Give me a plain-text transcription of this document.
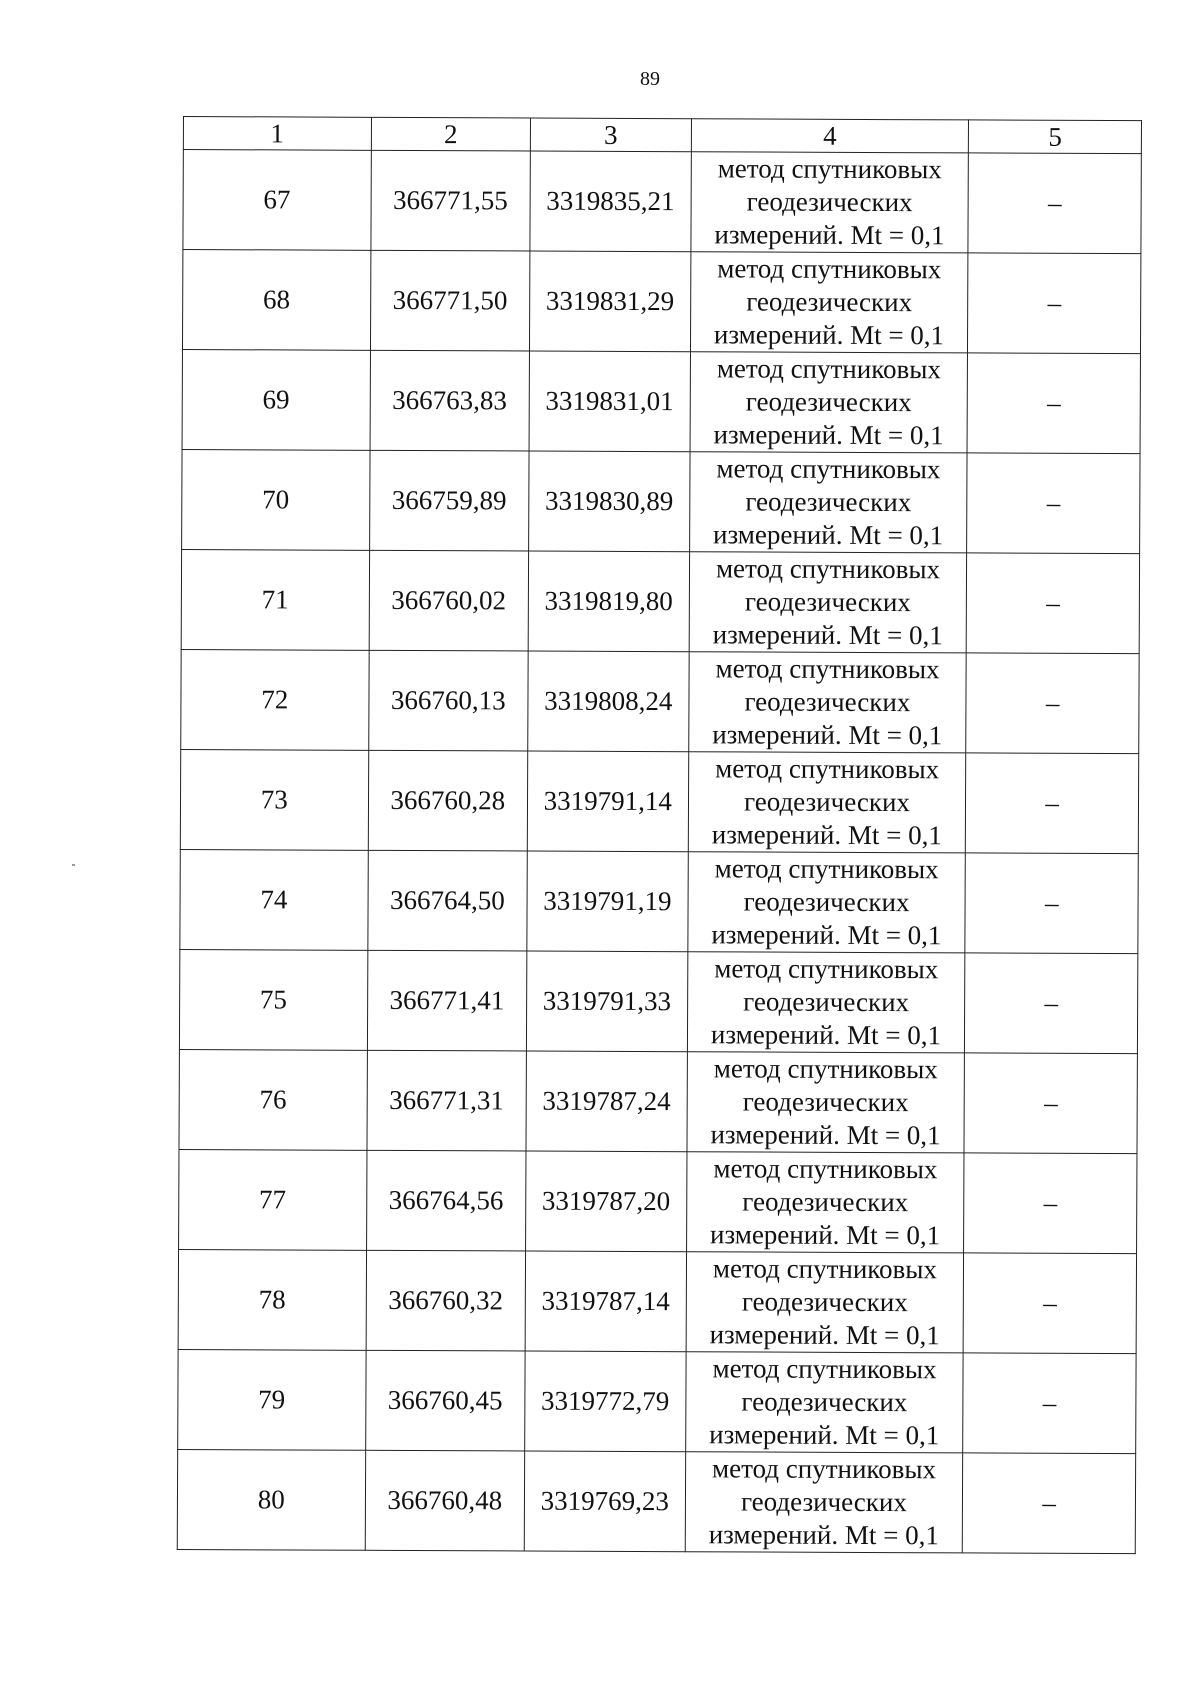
89
1	2	3	4	5
67	366771,55	3319835,21	метод спутниковых
геодезических
измерений. Mt = 0,1	–
68	366771,50	3319831,29	метод спутниковых
геодезических
измерений. Mt = 0,1	–
69	366763,83	3319831,01	метод спутниковых
геодезических
измерений. Mt = 0,1	–
70	366759,89	3319830,89	метод спутниковых
геодезических
измерений. Mt = 0,1	–
71	366760,02	3319819,80	метод спутниковых
геодезических
измерений. Mt = 0,1	–
72	366760,13	3319808,24	метод спутниковых
геодезических
измерений. Mt = 0,1	–
73	366760,28	3319791,14	метод спутниковых
геодезических
измерений. Mt = 0,1	–
74	366764,50	3319791,19	метод спутниковых
геодезических
измерений. Mt = 0,1	–
75	366771,41	3319791,33	метод спутниковых
геодезических
измерений. Mt = 0,1	–
76	366771,31	3319787,24	метод спутниковых
геодезических
измерений. Mt = 0,1	–
77	366764,56	3319787,20	метод спутниковых
геодезических
измерений. Mt = 0,1	–
78	366760,32	3319787,14	метод спутниковых
геодезических
измерений. Mt = 0,1	–
79	366760,45	3319772,79	метод спутниковых
геодезических
измерений. Mt = 0,1	–
80	366760,48	3319769,23	метод спутниковых
геодезических
измерений. Mt = 0,1	–
